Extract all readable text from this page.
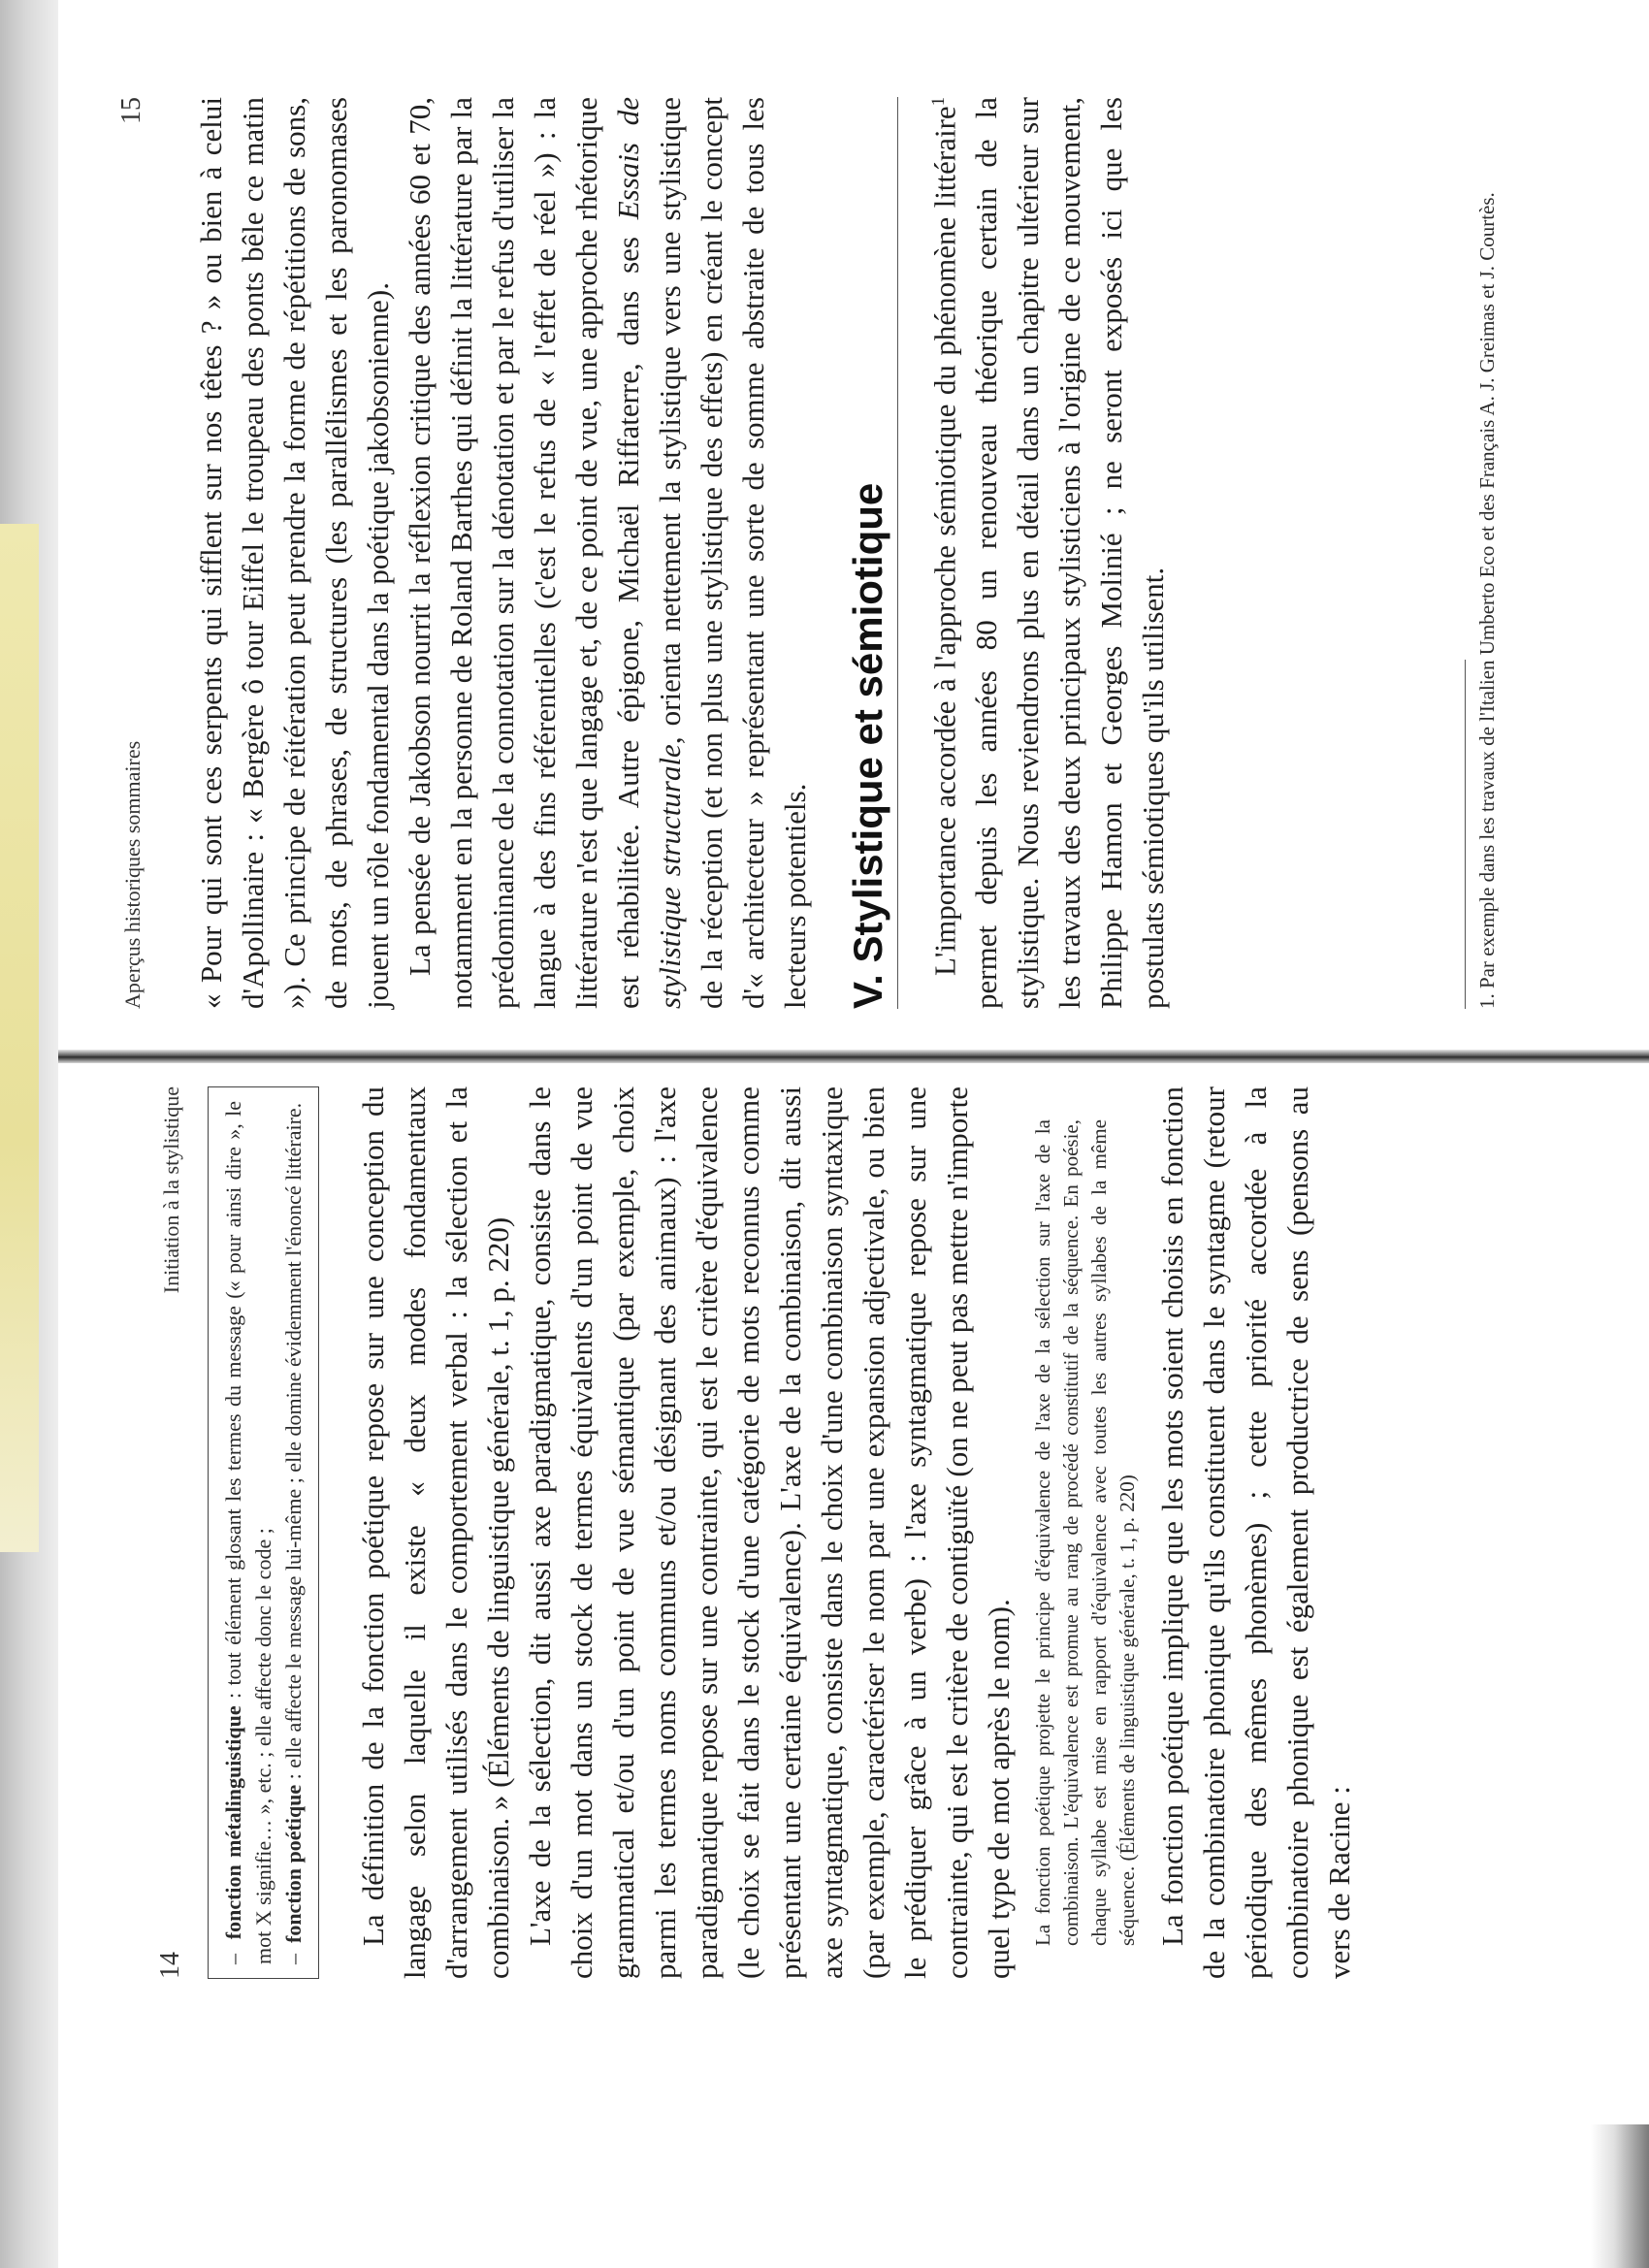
Aperçus historiques sommaires
15 « Pour qui sont ces serpents qui sifflent sur nos têtes ? » ou bien à celui d'Apollinaire : « Bergère ô tour Eiffel le troupeau des ponts bêle ce matin »). Ce principe de réitération peut prendre la forme de répétitions de sons, de mots, de phrases, de structures (les parallélismes et les paronomases jouent un rôle fondamental dans la poétique jakobsonienne). La pensée de Jakobson nourrit la réflexion critique des années 60 et 70, notamment en la personne de Roland Barthes qui définit la littérature par la prédominance de la connotation sur la dénotation et par le refus d'utiliser la langue à des fins référentielles (c'est le refus de « l'effet de réel ») : la littérature n'est que langage et, de ce point de vue, une approche rhétorique est réhabilitée. Autre épigone, Michaël Riffaterre, dans ses Essais de stylistique structurale, orienta nettement la stylistique vers une stylistique de la réception (et non plus une stylistique des effets) en créant le concept d'« architecteur » représentant une sorte de somme abstraite de tous les lecteurs potentiels. V. Stylistique et sémiotique	L'importance accordée à l'approche sémiotique du phénomène littéraire$^1$ permet depuis les années 80 un renouveau théorique certain de la stylistique. Nous reviendrons plus en détail dans un chapitre ultérieur sur les travaux des deux principaux stylisticiens à l'origine de ce mouvement, Philippe Hamon et Georges Molinié ; ne seront exposés ici que les postulats sémiotiques qu'ils utilisent.	1. Par exemple dans les travaux de l'Italien Umberto Eco et des Français A. J. Greimas et J. Courtès.
14
Initiation à la stylistique
–  fonction métalinguistique : tout élément glosant les termes du message (« pour ainsi dire », le mot X signifie… », etc. ; elle affecte donc le code ; –  fonction poétique : elle affecte le message lui-même ; elle domine évidemment l'énoncé littéraire. La définition de la fonction poétique repose sur une conception du langage selon laquelle il existe « deux modes fondamentaux d'arrangement utilisés dans le comportement verbal : la sélection et la combinaison. » (Éléments de linguistique générale, t. 1, p. 220) L'axe de la sélection, dit aussi axe paradigmatique, consiste dans le choix d'un mot dans un stock de termes équivalents d'un point de vue grammatical et/ou d'un point de vue sémantique (par exemple, choix parmi les termes noms communs et/ou désignant des animaux) : l'axe paradigmatique repose sur une contrainte, qui est le critère d'équivalence (le choix se fait dans le stock d'une catégorie de mots reconnus comme présentant une certaine équivalence). L'axe de la combinaison, dit aussi axe syntagmatique, consiste dans le choix d'une combinaison syntaxique (par exemple, caractériser le nom par une expansion adjectivale, ou bien le prédiquer grâce à un verbe) : l'axe syntagmatique repose sur une contrainte, qui est le critère de contiguïté (on ne peut pas mettre n'importe quel type de mot après le nom). La fonction poétique projette le principe d'équivalence de l'axe de la sélection sur l'axe de la combinaison. L'équivalence est promue au rang de procédé constitutif de la séquence. En poésie, chaque syllabe est mise en rapport d'équivalence avec toutes les autres syllabes de la même séquence. (Éléments de linguistique générale, t. 1, p. 220) La fonction poétique implique que les mots soient choisis en fonction de la combinatoire phonique qu'ils constituent dans le syntagme (retour périodique des mêmes phonèmes) ; cette priorité accordée à la combinatoire phonique est également productrice de sens (pensons au vers de Racine :
